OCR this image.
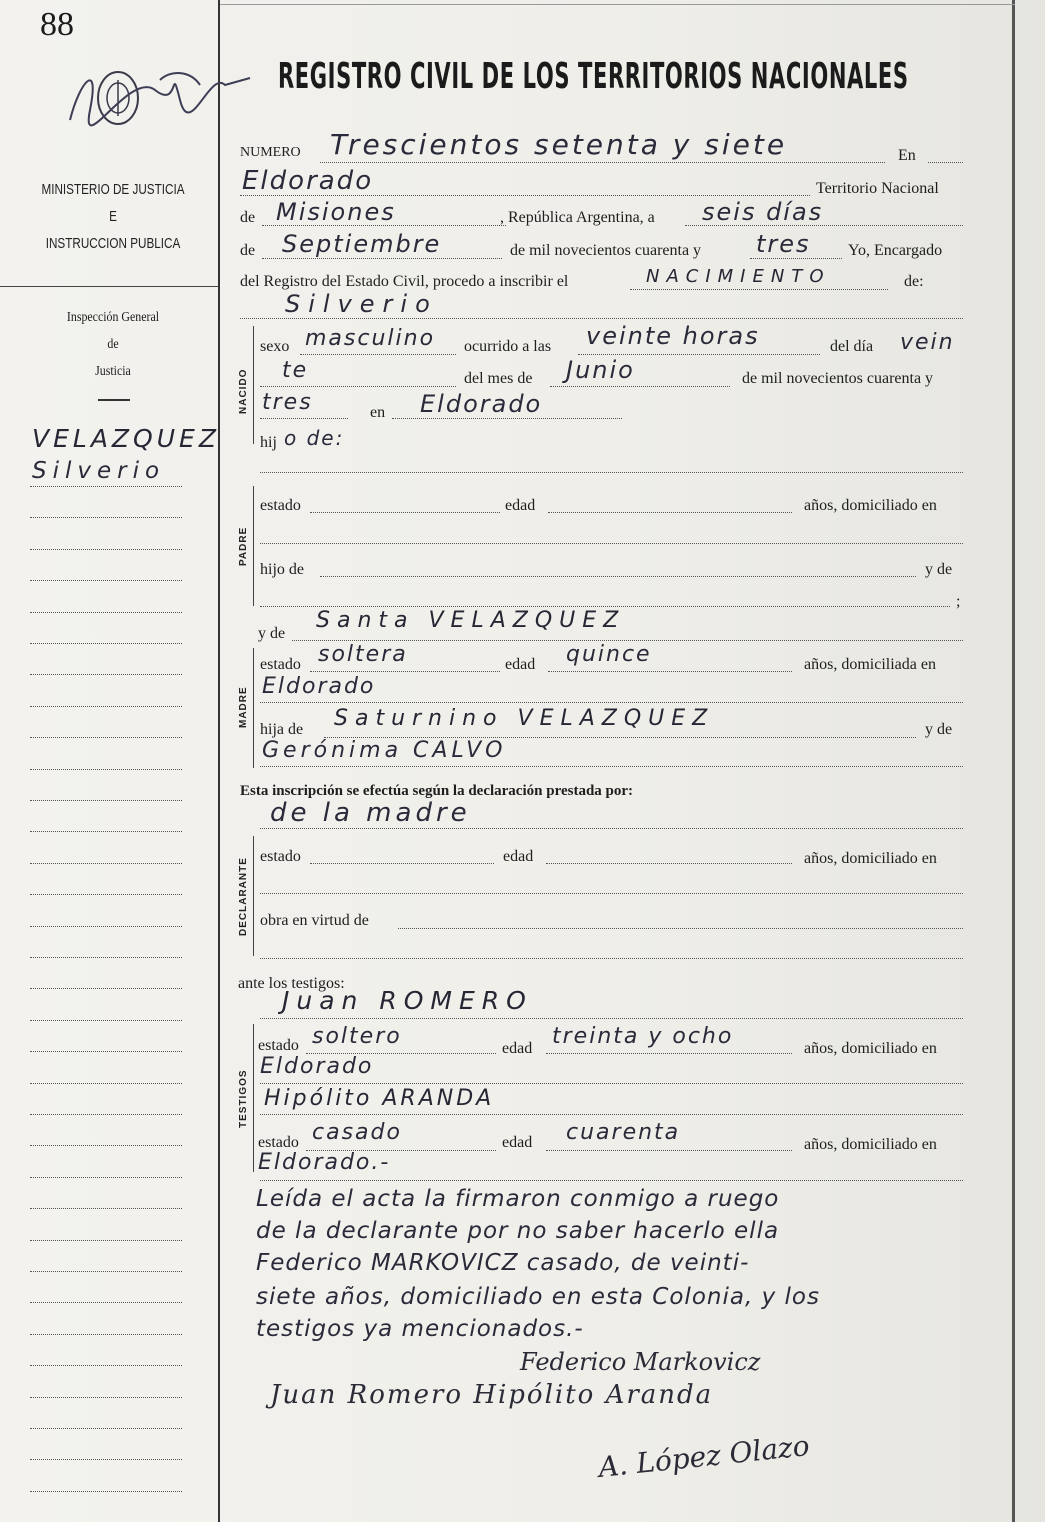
88
REGISTRO CIVIL DE LOS TERRITORIOS NACIONALES
MINISTERIO DE JUSTICIA
E
INSTRUCCION PUBLICA
Inspección General
de
Justicia
VELAZQUEZ
Silverio
NUMERO Trescientos setenta y siete	En
Eldorado	Territorio Nacional
de Misiones	, República Argentina, a seis días
de Septiembre	de mil novecientos cuarenta y tres Yo, Encargado
del Registro del Estado Civil, procedo a inscribir el	NACIMIENTO	de:
Silverio
NACIDO
sexo masculino ocurrido a las veinte horas	del día vein
te	del mes de Junio	de mil novecientos cuarenta y
tres	en Eldorado
hij o de:
PADRE
estado	edad	años, domiciliado en
hijo de	y de
;
y de
Santa VELAZQUEZ
MADRE
estado soltera	edad quince	años, domiciliada en
Eldorado
hija de Saturnino VELAZQUEZ	y de
Gerónima CALVO
Esta inscripción se efectúa según la declaración prestada por:
de la madre
DECLARANTE
estado	edad	años, domiciliado en
obra en virtud de
ante los testigos:
Juan ROMERO
TESTIGOS
estado soltero	edad treinta y ocho	años, domiciliado en
Eldorado
Hipólito ARANDA
estado casado	edad cuarenta	años, domiciliado en
Eldorado.-
Leída el acta la firmaron conmigo a ruego
de la declarante por no saber hacerlo ella
Federico MARKOVICZ casado, de veinti-
siete años, domiciliado en esta Colonia, y los
testigos ya mencionados.-
Federico Markovicz
Juan Romero Hipólito Aranda
A. López Olazo
